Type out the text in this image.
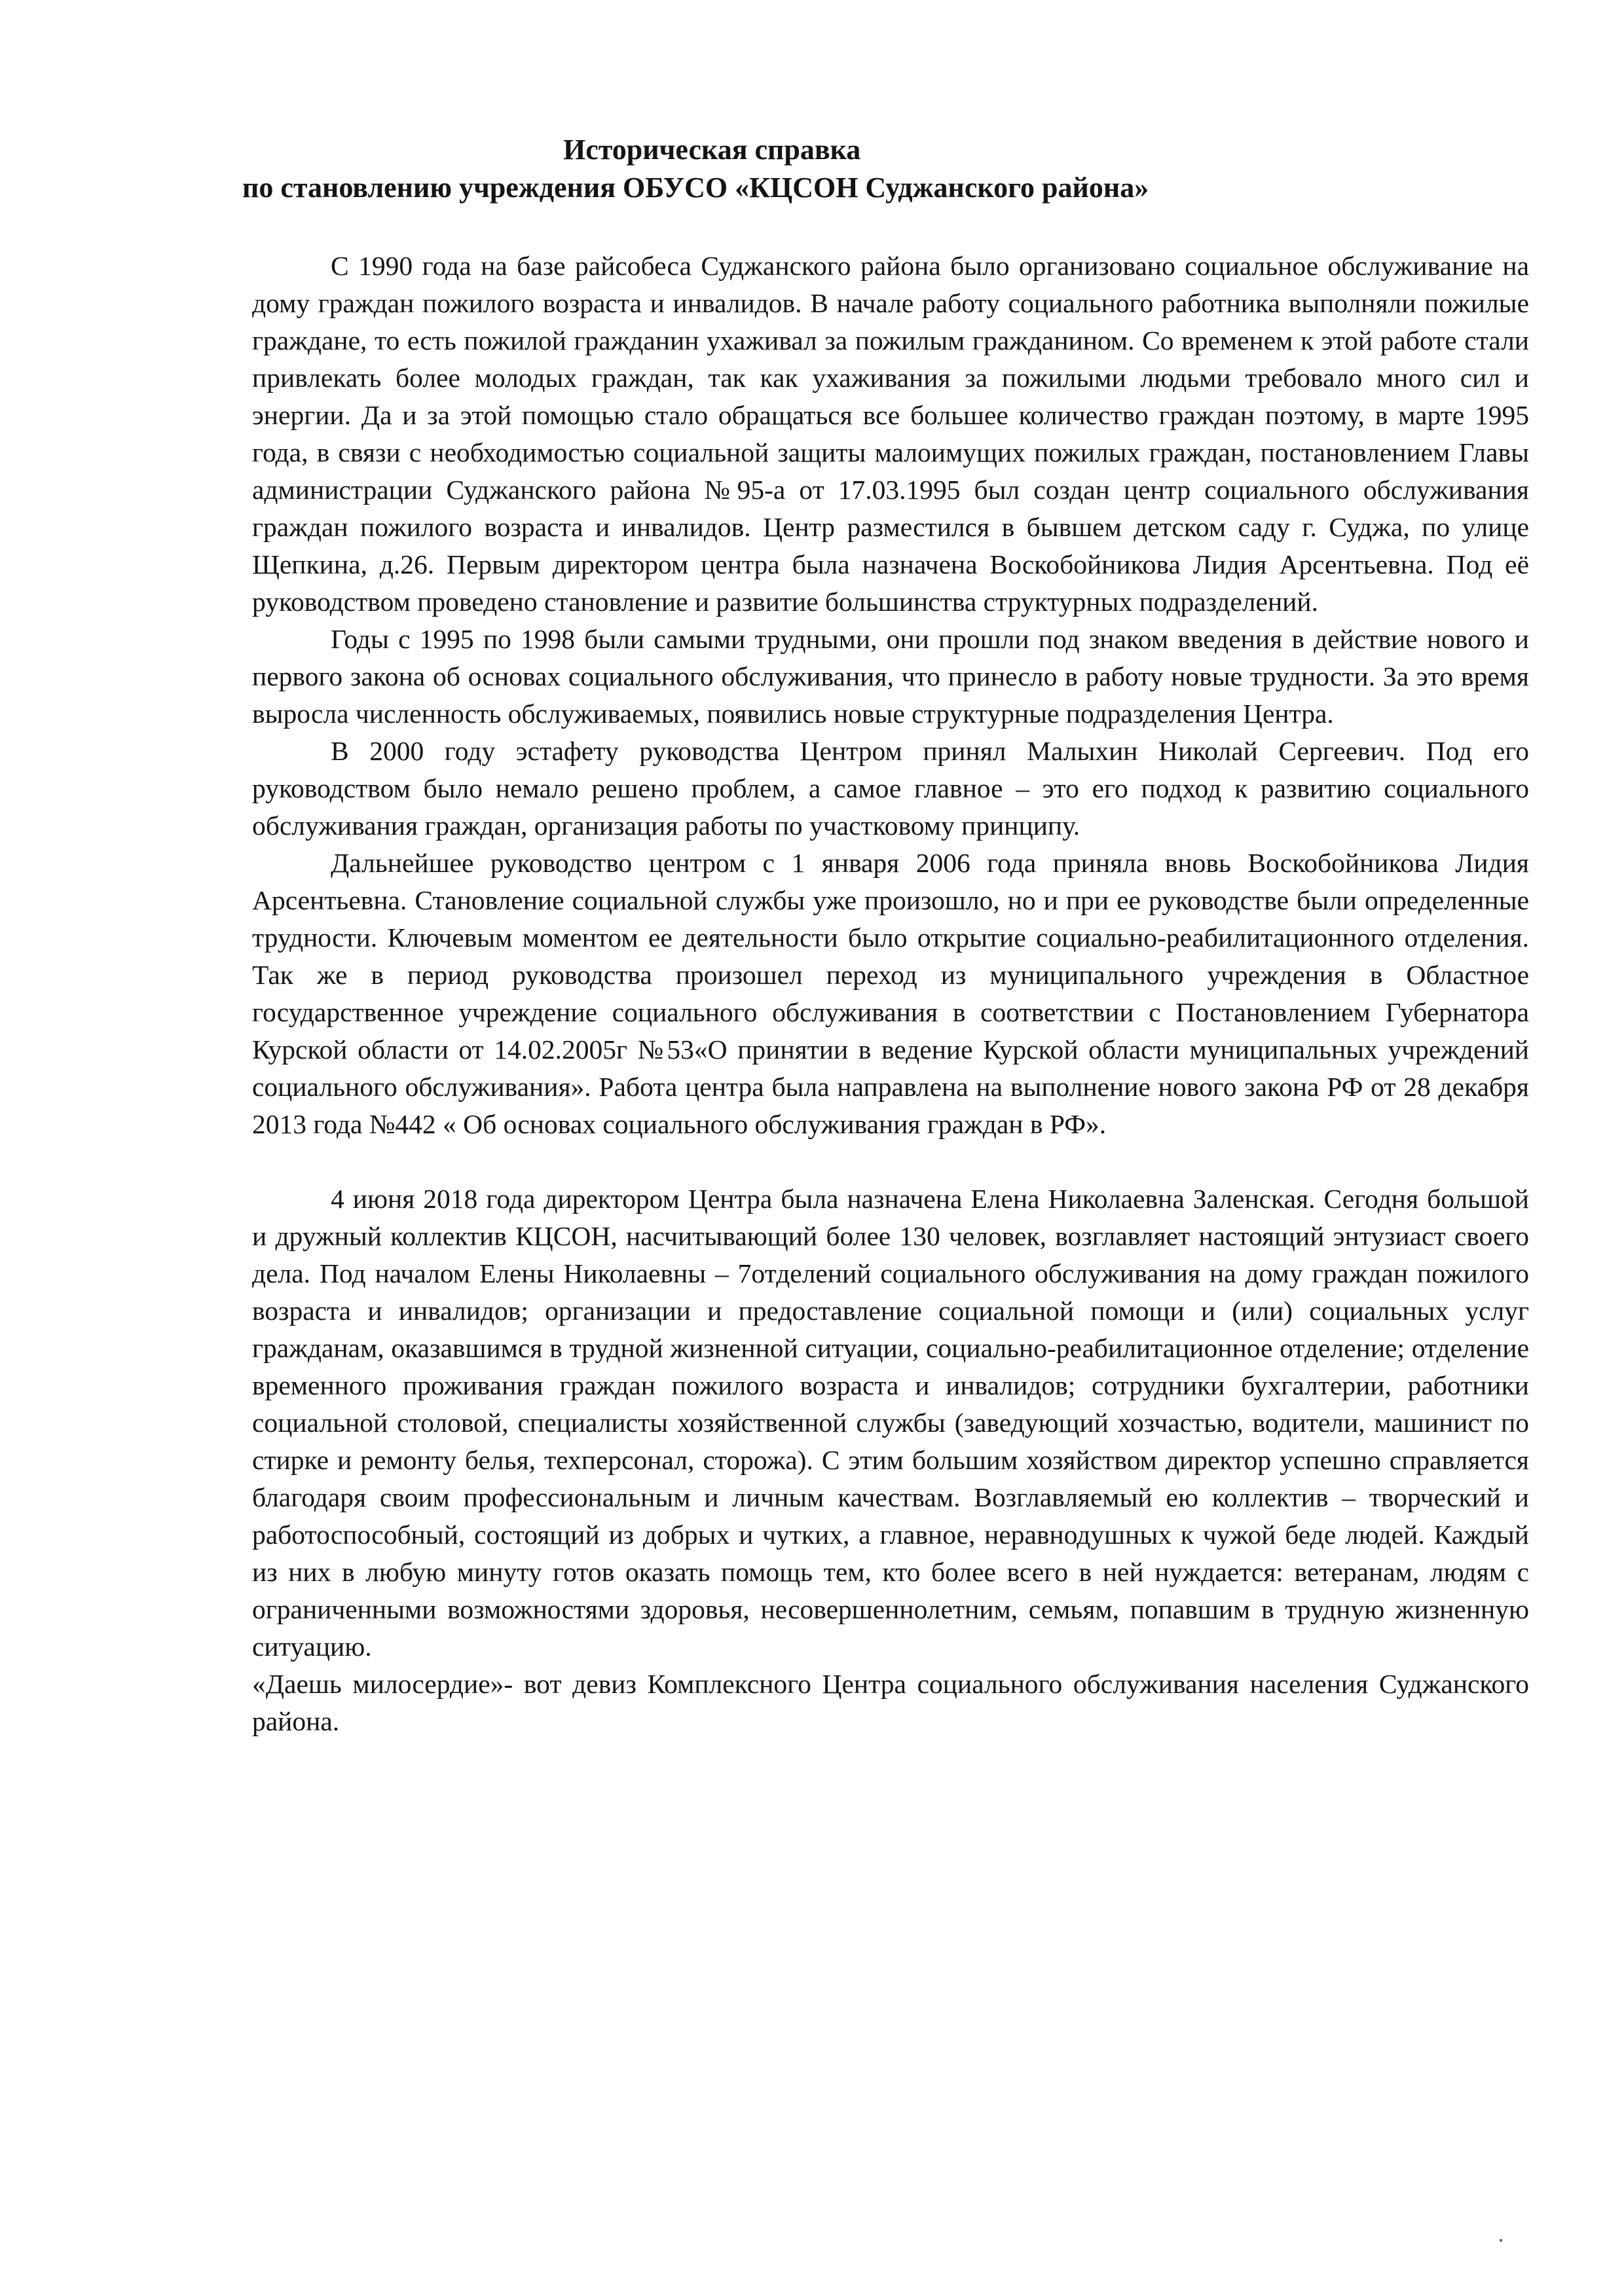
Историческая справка
по становлению учреждения ОБУСО «КЦСОН Суджанского района»

С 1990 года на базе райсобеса Суджанского района было организовано социальное обслуживание на дому граждан пожилого возраста и инвалидов. В начале работу социального работника выполняли пожилые граждане, то есть пожилой гражданин ухаживал за пожилым гражданином. Со временем к этой работе стали привлекать более молодых граждан, так как ухаживания за пожилыми людьми требовало много сил и энергии. Да и за этой помощью стало обращаться все большее количество граждан поэтому, в марте 1995 года, в связи с необходимостью социальной защиты малоимущих пожилых граждан, постановлением Главы администрации Суджанского района №95-а от 17.03.1995 был создан центр социального обслуживания граждан пожилого возраста и инвалидов. Центр разместился в бывшем детском саду г. Суджа, по улице Щепкина, д.26. Первым директором центра была назначена Воскобойникова Лидия Арсентьевна. Под её руководством проведено становление и развитие большинства структурных подразделений.

Годы с 1995 по 1998 были самыми трудными, они прошли под знаком введения в действие нового и первого закона об основах социального обслуживания, что принесло в работу новые трудности. За это время выросла численность обслуживаемых, появились новые структурные подразделения Центра.

В 2000 году эстафету руководства Центром принял Малыхин Николай Сергеевич. Под его руководством было немало решено проблем, а самое главное – это его подход к развитию социального обслуживания граждан, организация работы по участковому принципу.

Дальнейшее руководство центром с 1 января 2006 года приняла вновь Воскобойникова Лидия Арсентьевна. Становление социальной службы уже произошло, но и при ее руководстве были определенные трудности. Ключевым моментом ее деятельности было открытие социально-реабилитационного отделения. Так же в период руководства произошел переход из муниципального учреждения в Областное государственное учреждение социального обслуживания в соответствии с Постановлением Губернатора Курской области от 14.02.2005г №53«О принятии в ведение Курской области муниципальных учреждений социального обслуживания». Работа центра была направлена на выполнение нового закона РФ от 28 декабря 2013 года №442 « Об основах социального обслуживания граждан в РФ».

4 июня 2018 года директором Центра была назначена Елена Николаевна Заленская. Сегодня большой и дружный коллектив КЦСОН, насчитывающий более 130 человек, возглавляет настоящий энтузиаст своего дела. Под началом Елены Николаевны – 7отделений социального обслуживания на дому граждан пожилого возраста и инвалидов; организации и предоставление социальной помощи и (или) социальных услуг гражданам, оказавшимся в трудной жизненной ситуации, социально-реабилитационное отделение; отделение временного проживания граждан пожилого возраста и инвалидов; сотрудники бухгалтерии, работники социальной столовой, специалисты хозяйственной службы (заведующий хозчастью, водители, машинист по стирке и ремонту белья, техперсонал, сторожа). С этим большим хозяйством директор успешно справляется благодаря своим профессиональным и личным качествам. Возглавляемый ею коллектив – творческий и работоспособный, состоящий из добрых и чутких, а главное, неравнодушных к чужой беде людей. Каждый из них в любую минуту готов оказать помощь тем, кто более всего в ней нуждается: ветеранам, людям с ограниченными возможностями здоровья, несовершеннолетним, семьям, попавшим в трудную жизненную ситуацию.

«Даешь милосердие»- вот девиз Комплексного Центра социального обслуживания населения Суджанского района.
